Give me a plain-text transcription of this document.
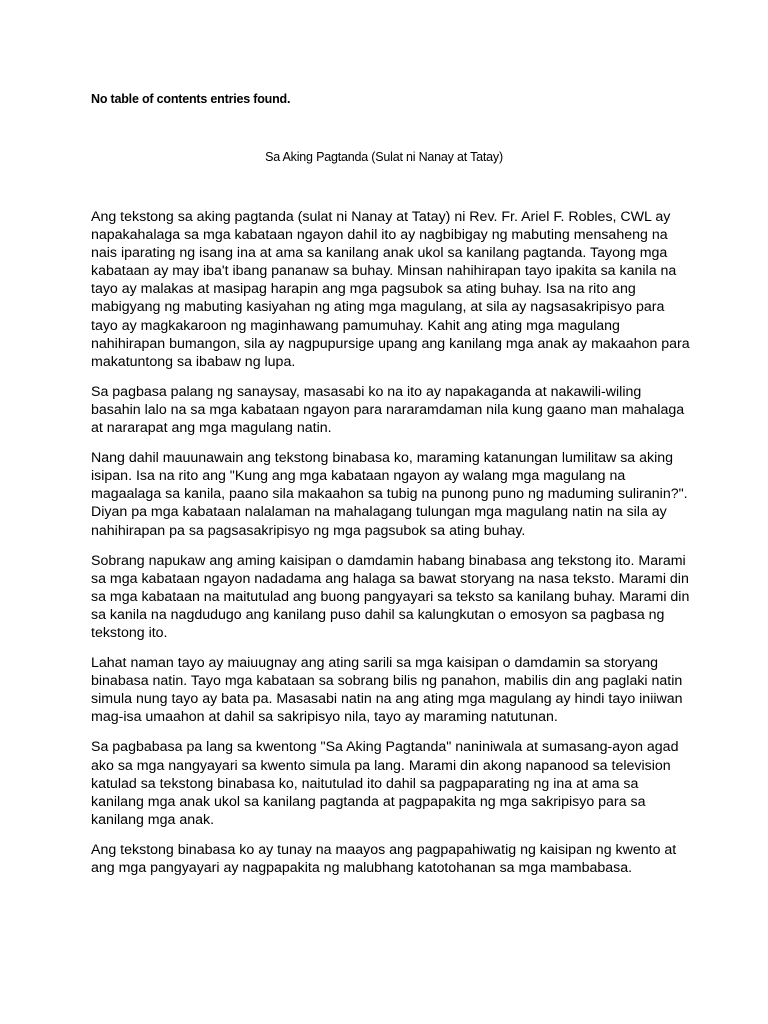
No table of contents entries found.
Sa Aking Pagtanda (Sulat ni Nanay at Tatay)

Ang tekstong sa aking pagtanda (sulat ni Nanay at Tatay) ni Rev. Fr. Ariel F. Robles, CWL ay
napakahalaga sa mga kabataan ngayon dahil ito ay nagbibigay ng mabuting mensaheng na
nais iparating ng isang ina at ama sa kanilang anak ukol sa kanilang pagtanda. Tayong mga
kabataan ay may iba't ibang pananaw sa buhay. Minsan nahihirapan tayo ipakita sa kanila na
tayo ay malakas at masipag harapin ang mga pagsubok sa ating buhay. Isa na rito ang
mabigyang ng mabuting kasiyahan ng ating mga magulang, at sila ay nagsasakripisyo para
tayo ay magkakaroon ng maginhawang pamumuhay. Kahit ang ating mga magulang
nahihirapan bumangon, sila ay nagpupursige upang ang kanilang mga anak ay makaahon para
makatuntong sa ibabaw ng lupa.

Sa pagbasa palang ng sanaysay, masasabi ko na ito ay napakaganda at nakawili-wiling
basahin lalo na sa mga kabataan ngayon para nararamdaman nila kung gaano man mahalaga
at nararapat ang mga magulang natin.

Nang dahil mauunawain ang tekstong binabasa ko, maraming katanungan lumilitaw sa aking
isipan. Isa na rito ang "Kung ang mga kabataan ngayon ay walang mga magulang na
magaalaga sa kanila, paano sila makaahon sa tubig na punong puno ng maduming suliranin?".
Diyan pa mga kabataan nalalaman na mahalagang tulungan mga magulang natin na sila ay
nahihirapan pa sa pagsasakripisyo ng mga pagsubok sa ating buhay.

Sobrang napukaw ang aming kaisipan o damdamin habang binabasa ang tekstong ito. Marami
sa mga kabataan ngayon nadadama ang halaga sa bawat storyang na nasa teksto. Marami din
sa mga kabataan na maitutulad ang buong pangyayari sa teksto sa kanilang buhay. Marami din
sa kanila na nagdudugo ang kanilang puso dahil sa kalungkutan o emosyon sa pagbasa ng
tekstong ito.

Lahat naman tayo ay maiuugnay ang ating sarili sa mga kaisipan o damdamin sa storyang
binabasa natin. Tayo mga kabataan sa sobrang bilis ng panahon, mabilis din ang paglaki natin
simula nung tayo ay bata pa. Masasabi natin na ang ating mga magulang ay hindi tayo iniiwan
mag-isa umaahon at dahil sa sakripisyo nila, tayo ay maraming natutunan.

Sa pagbabasa pa lang sa kwentong "Sa Aking Pagtanda" naniniwala at sumasang-ayon agad
ako sa mga nangyayari sa kwento simula pa lang. Marami din akong napanood sa television
katulad sa tekstong binabasa ko, naitutulad ito dahil sa pagpaparating ng ina at ama sa
kanilang mga anak ukol sa kanilang pagtanda at pagpapakita ng mga sakripisyo para sa
kanilang mga anak.

Ang tekstong binabasa ko ay tunay na maayos ang pagpapahiwatig ng kaisipan ng kwento at
ang mga pangyayari ay nagpapakita ng malubhang katotohanan sa mga mambabasa.
